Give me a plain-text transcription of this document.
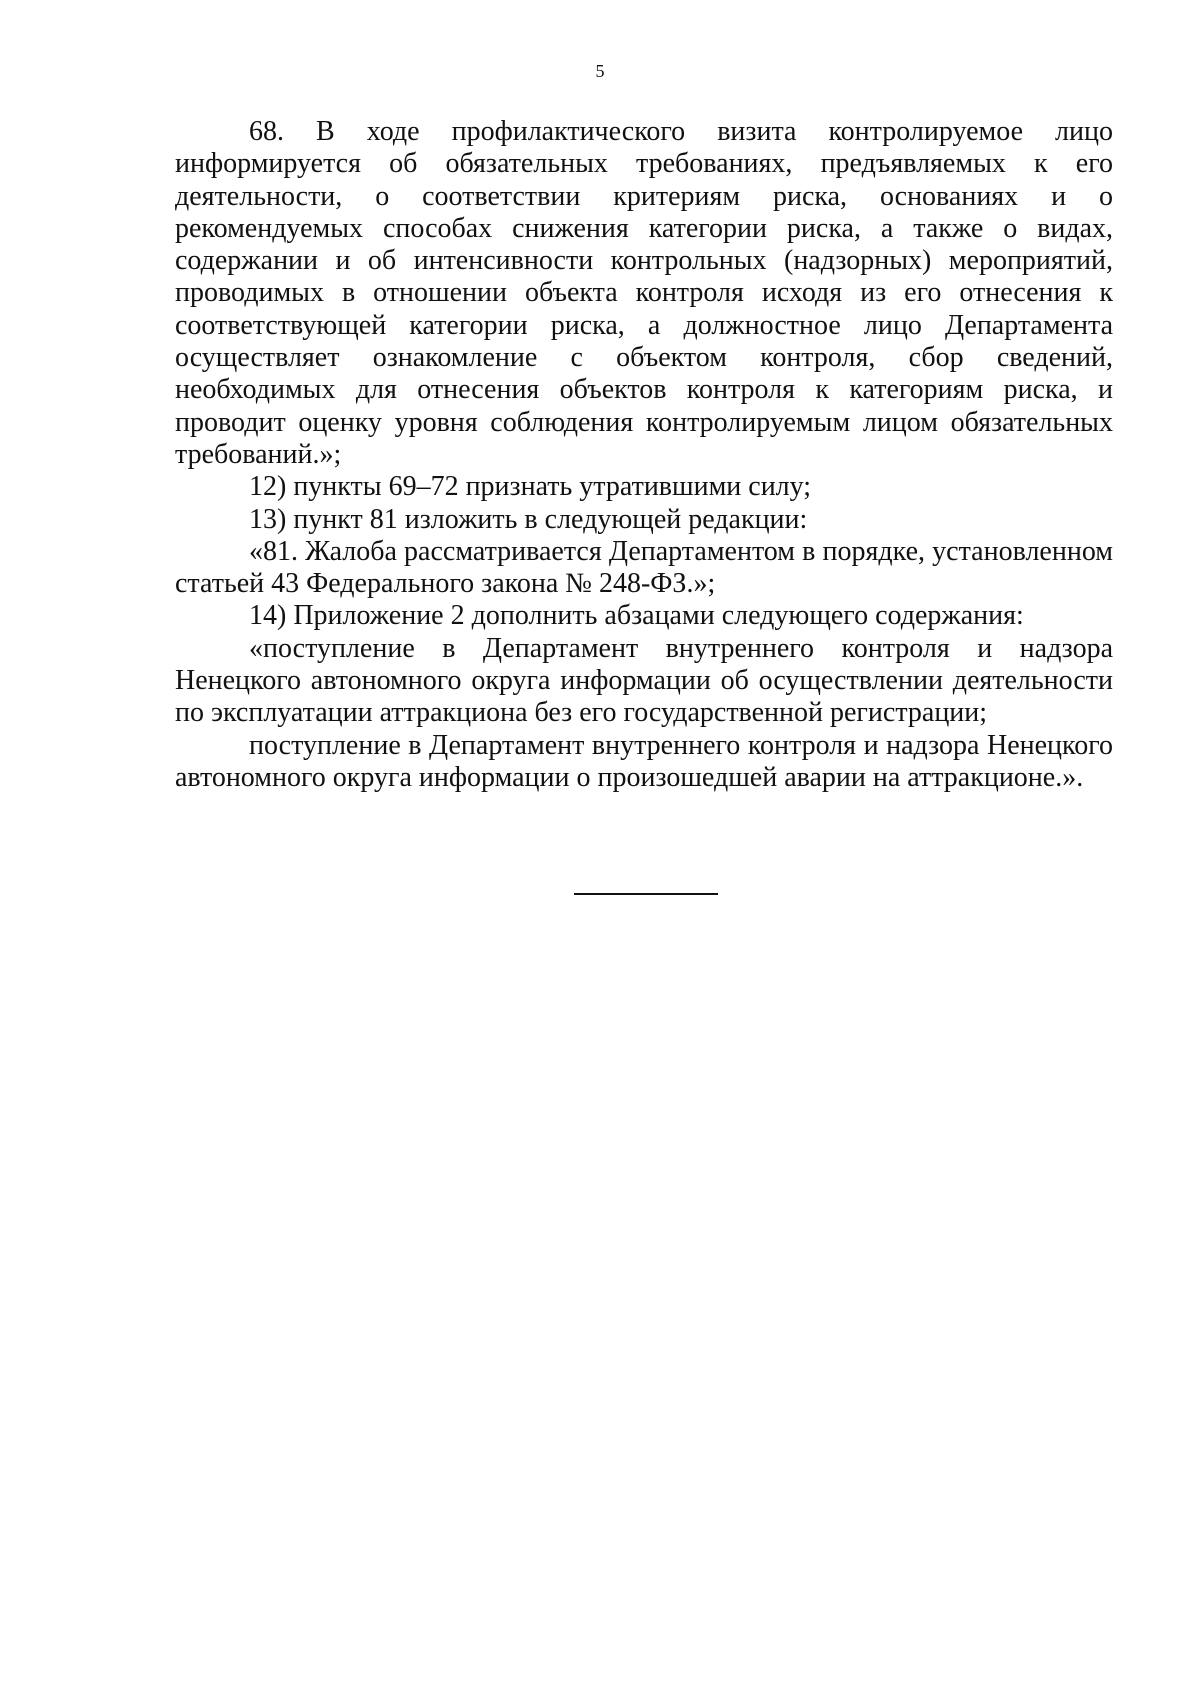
5

68. В ходе профилактического визита контролируемое лицо информируется об обязательных требованиях, предъявляемых к его деятельности, о соответствии критериям риска, основаниях и о рекомендуемых способах снижения категории риска, а также о видах, содержании и об интенсивности контрольных (надзорных) мероприятий, проводимых в отношении объекта контроля исходя из его отнесения к соответствующей категории риска, а должностное лицо Департамента осуществляет ознакомление с объектом контроля, сбор сведений, необходимых для отнесения объектов контроля к категориям риска, и проводит оценку уровня соблюдения контролируемым лицом обязательных требований.»;

12) пункты 69–72 признать утратившими силу;

13) пункт 81 изложить в следующей редакции:

«81. Жалоба рассматривается Департаментом в порядке, установленном статьей 43 Федерального закона № 248-ФЗ.»;

14) Приложение 2 дополнить абзацами следующего содержания:

«поступление в Департамент внутреннего контроля и надзора Ненецкого автономного округа информации об осуществлении деятельности по эксплуатации аттракциона без его государственной регистрации;

поступление в Департамент внутреннего контроля и надзора Ненецкого автономного округа информации о произошедшей аварии на аттракционе.».
